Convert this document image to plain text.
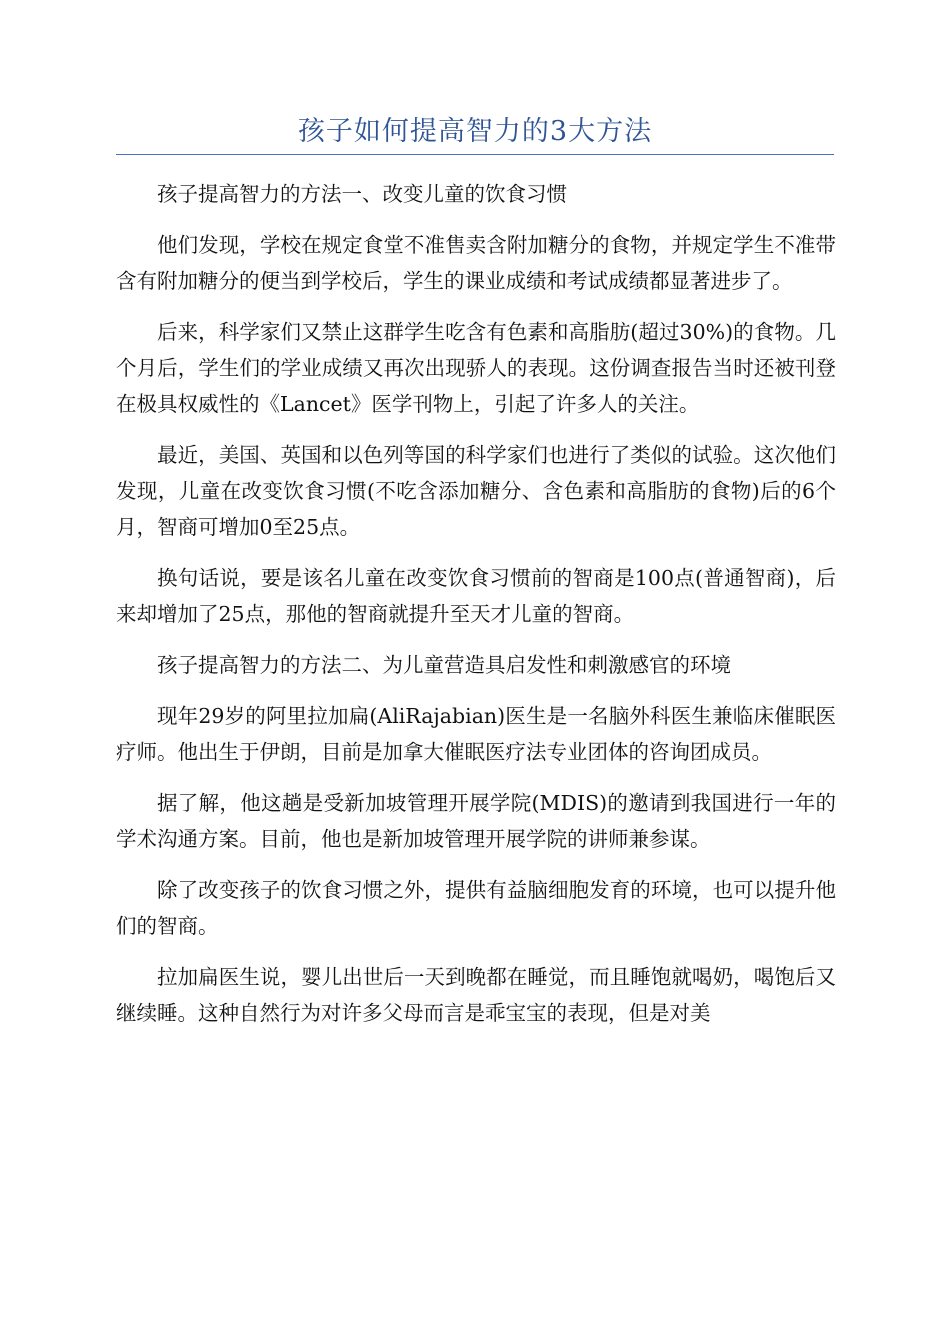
孩子如何提高智力的3大方法

孩子提高智力的方法一、改变儿童的饮食习惯

他们发现，学校在规定食堂不准售卖含附加糖分的食物，并规定学生不准带含有附加糖分的便当到学校后，学生的课业成绩和考试成绩都显著进步了。

后来，科学家们又禁止这群学生吃含有色素和高脂肪(超过30%)的食物。几个月后，学生们的学业成绩又再次出现骄人的表现。这份调查报告当时还被刊登在极具权威性的《Lancet》医学刊物上，引起了许多人的关注。

最近，美国、英国和以色列等国的科学家们也进行了类似的试验。这次他们发现，儿童在改变饮食习惯(不吃含添加糖分、含色素和高脂肪的食物)后的6个月，智商可增加0至25点。

换句话说，要是该名儿童在改变饮食习惯前的智商是100点(普通智商)，后来却增加了25点，那他的智商就提升至天才儿童的智商。

孩子提高智力的方法二、为儿童营造具启发性和刺激感官的环境

现年29岁的阿里拉加扁(AliRajabian)医生是一名脑外科医生兼临床催眠医疗师。他出生于伊朗，目前是加拿大催眠医疗法专业团体的咨询团成员。

据了解，他这趟是受新加坡管理开展学院(MDIS)的邀请到我国进行一年的学术沟通方案。目前，他也是新加坡管理开展学院的讲师兼参谋。

除了改变孩子的饮食习惯之外，提供有益脑细胞发育的环境，也可以提升他们的智商。

拉加扁医生说，婴儿出世后一天到晚都在睡觉，而且睡饱就喝奶，喝饱后又继续睡。这种自然行为对许多父母而言是乖宝宝的表现，但是对美
